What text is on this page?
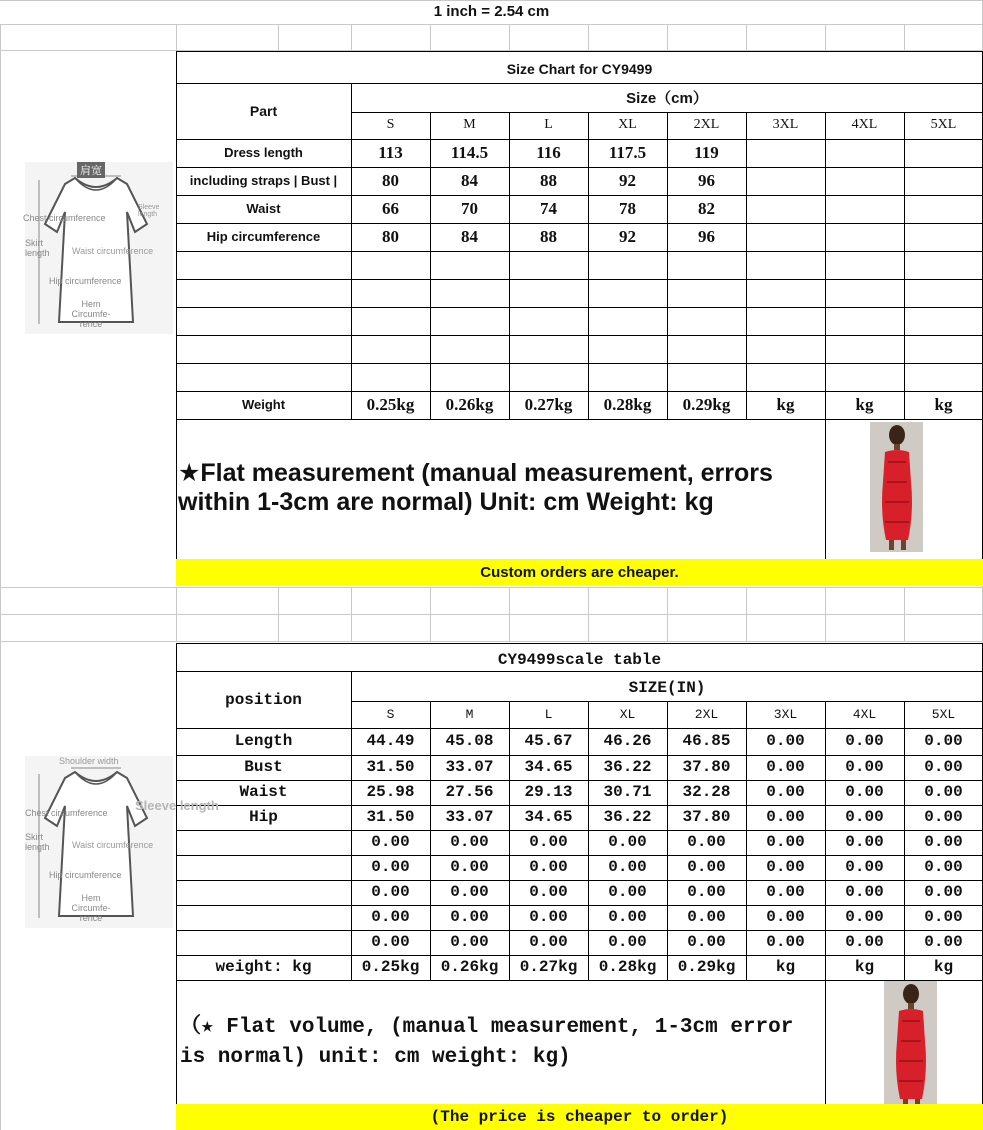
1 inch = 2.54 cm
Size Chart for CY9499
Part
Size（cm）
S	M	L	XL	2XL	3XL	4XL	5XL
Dress length	113	114.5	116	117.5	119
including straps | Bust |	80	84	88	92	96
Waist	66	70	74	78	82
Hip circumference	80	84	88	92	96
Weight	0.25kg	0.26kg	0.27kg	0.28kg	0.29kg	kg	kg	kg
★Flat measurement (manual measurement, errors within 1-3cm are normal) Unit: cm Weight: kg
Custom orders are cheaper.
CY9499scale table
position
SIZE(IN)
S	M	L	XL	2XL	3XL	4XL	5XL
Length	44.49	45.08	45.67	46.26	46.85	0.00	0.00	0.00
Bust	31.50	33.07	34.65	36.22	37.80	0.00	0.00	0.00
Waist	25.98	27.56	29.13	30.71	32.28	0.00	0.00	0.00
Hip	31.50	33.07	34.65	36.22	37.80	0.00	0.00	0.00
0.00	0.00	0.00	0.00	0.00	0.00	0.00	0.00
0.00	0.00	0.00	0.00	0.00	0.00	0.00	0.00
0.00	0.00	0.00	0.00	0.00	0.00	0.00	0.00
0.00	0.00	0.00	0.00	0.00	0.00	0.00	0.00
0.00	0.00	0.00	0.00	0.00	0.00	0.00	0.00
weight: kg	0.25kg	0.26kg	0.27kg	0.28kg	0.29kg	kg	kg	kg
（★ Flat volume, (manual measurement, 1-3cm error is normal) unit: cm weight: kg)
(The price is cheaper to order)
肩宽
Chest circumference
Sleeve length
Skirt length	Waist circumference
Hip circumference
Hem Circumfe- rence
Shoulder width
Chest circumference Sleeve length
Skirt length	Waist circumference
Hip circumference
Hem Circumfe- rence
